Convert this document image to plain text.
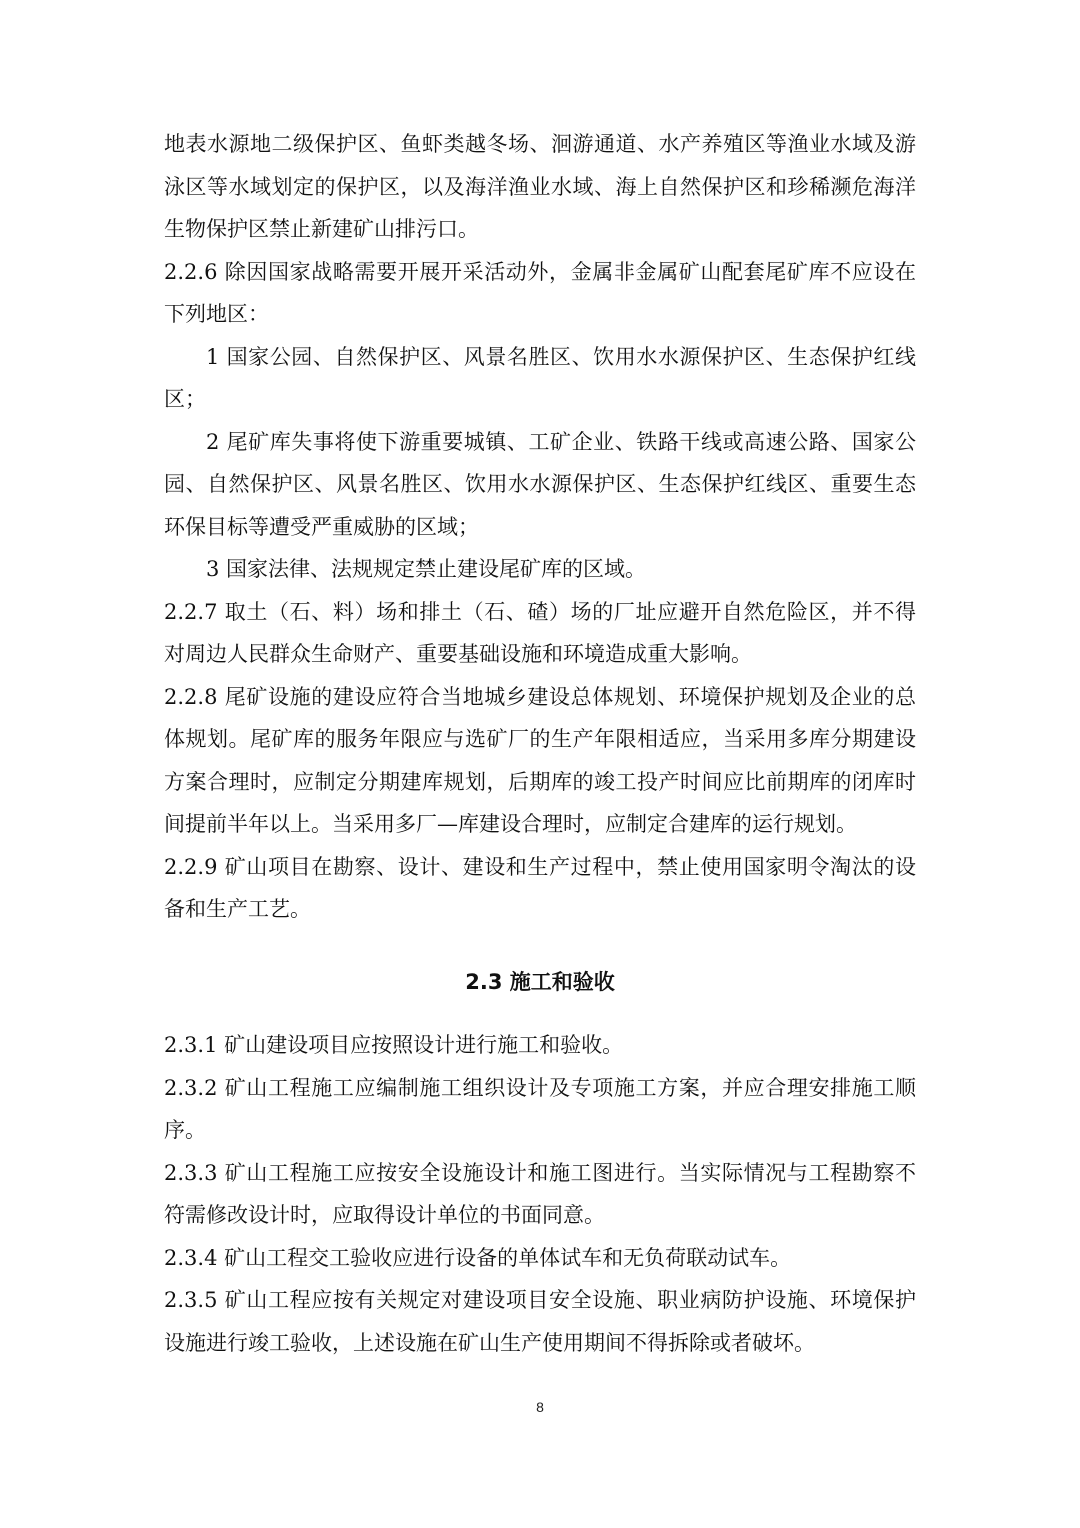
地表水源地二级保护区、鱼虾类越冬场、洄游通道、水产养殖区等渔业水域及游泳区等水域划定的保护区，以及海洋渔业水域、海上自然保护区和珍稀濒危海洋生物保护区禁止新建矿山排污口。

2.2.6 除因国家战略需要开展开采活动外，金属非金属矿山配套尾矿库不应设在下列地区：

1 国家公园、自然保护区、风景名胜区、饮用水水源保护区、生态保护红线区；

2 尾矿库失事将使下游重要城镇、工矿企业、铁路干线或高速公路、国家公园、自然保护区、风景名胜区、饮用水水源保护区、生态保护红线区、重要生态环保目标等遭受严重威胁的区域；

3 国家法律、法规规定禁止建设尾矿库的区域。

2.2.7 取土（石、料）场和排土（石、碴）场的厂址应避开自然危险区，并不得对周边人民群众生命财产、重要基础设施和环境造成重大影响。

2.2.8 尾矿设施的建设应符合当地城乡建设总体规划、环境保护规划及企业的总体规划。尾矿库的服务年限应与选矿厂的生产年限相适应，当采用多库分期建设方案合理时，应制定分期建库规划，后期库的竣工投产时间应比前期库的闭库时间提前半年以上。当采用多厂—库建设合理时，应制定合建库的运行规划。

2.2.9 矿山项目在勘察、设计、建设和生产过程中，禁止使用国家明令淘汰的设备和生产工艺。

2.3 施工和验收

2.3.1 矿山建设项目应按照设计进行施工和验收。

2.3.2 矿山工程施工应编制施工组织设计及专项施工方案，并应合理安排施工顺序。

2.3.3 矿山工程施工应按安全设施设计和施工图进行。当实际情况与工程勘察不符需修改设计时，应取得设计单位的书面同意。

2.3.4 矿山工程交工验收应进行设备的单体试车和无负荷联动试车。

2.3.5 矿山工程应按有关规定对建设项目安全设施、职业病防护设施、环境保护设施进行竣工验收，上述设施在矿山生产使用期间不得拆除或者破坏。

8
